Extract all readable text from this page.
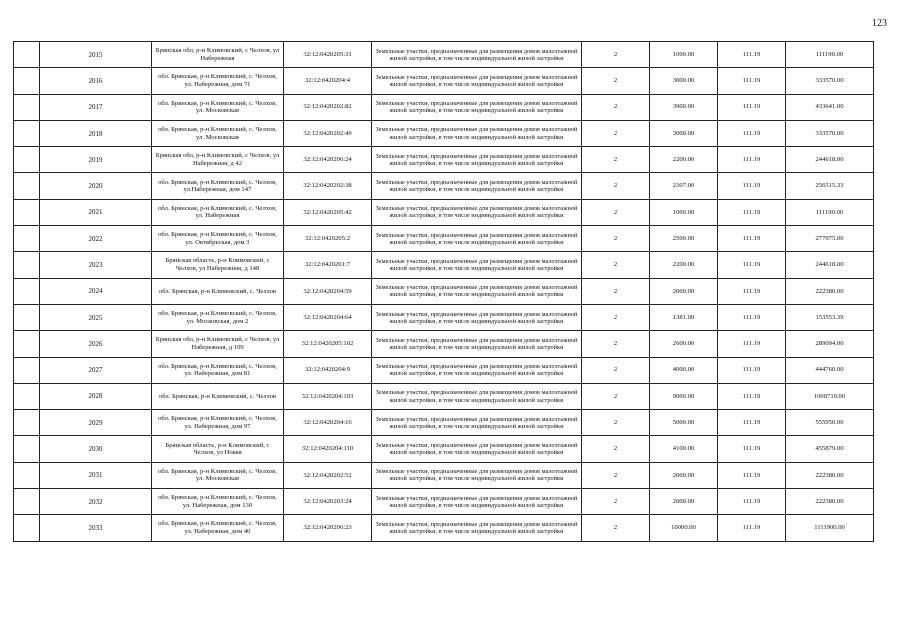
123
	2015	Брянская обл, р-н Климовский, с Челхов, ул Набережная	32:12:0420205:31	Земельные участки, предназначенные для размещения домов малоэтажной жилой застройки, в том числе индивидуальной жилой застройки	2	1000.00	111.19	111190.00
	2016	обл. Брянская, р-н Климовский, с. Челхов, ул. Набережная, дом 71	32:12:0420204:4	Земельные участки, предназначенные для размещения домов малоэтажной жилой застройки, в том числе индивидуальной жилой застройки	2	3000.00	111.19	333570.00
	2017	обл. Брянская, р-н Климовский, с. Челхов, ул. Московская	32:12:0420202:82	Земельные участки, предназначенные для размещения домов малоэтажной жилой застройки, в том числе индивидуальной жилой застройки	2	3900.00	111.19	433641.00
	2018	обл. Брянская, р-н Климовский, с. Челхов, ул. Московская	32:12:0420202:49	Земельные участки, предназначенные для размещения домов малоэтажной жилой застройки, в том числе индивидуальной жилой застройки	2	3000.00	111.19	333570.00
	2019	Брянская обл, р-н Климовский, с Челхов, ул Набережная, д 42	32:12:0420206:24	Земельные участки, предназначенные для размещения домов малоэтажной жилой застройки, в том числе индивидуальной жилой застройки	2	2200.00	111.19	244618.00
	2020	обл. Брянская, р-н Климовский, с. Челхов, ул.Набережная, дом 147	32:12:0420202:38	Земельные участки, предназначенные для размещения домов малоэтажной жилой застройки, в том числе индивидуальной жилой застройки	2	2307.00	111.19	256515.33
	2021	обл. Брянская, р-н Климовский, с. Челхов, ул. Набережная	32:12:0420205:42	Земельные участки, предназначенные для размещения домов малоэтажной жилой застройки, в том числе индивидуальной жилой застройки	2	1000.00	111.19	111190.00
	2022	обл. Брянская, р-н Климовский, с. Челхов, ул. Октябрьская, дом 3	32:12:0420205:2	Земельные участки, предназначенные для размещения домов малоэтажной жилой застройки, в том числе индивидуальной жилой застройки	2	2500.00	111.19	277975.00
	2023	Брянская область, р-н Климовский, с Челхов, ул Набережная, д 148	32:12:0420201:7	Земельные участки, предназначенные для размещения домов малоэтажной жилой застройки, в том числе индивидуальной жилой застройки	2	2200.00	111.19	244618.00
	2024	обл. Брянская, р-н Климовский, с. Челхов	32:12:0420204:59	Земельные участки, предназначенные для размещения домов малоэтажной жилой застройки, в том числе индивидуальной жилой застройки	2	2000.00	111.19	222380.00
	2025	обл. Брянская, р-н Климовский, с. Челхов, ул. Московская, дом 2	32:12:0420204:64	Земельные участки, предназначенные для размещения домов малоэтажной жилой застройки, в том числе индивидуальной жилой застройки	2	1381.00	111.19	153553.39
	2026	Брянская обл, р-н Климовский, с Челхов, ул Набережная, д 109	32:12:0420205:102	Земельные участки, предназначенные для размещения домов малоэтажной жилой застройки, в том числе индивидуальной жилой застройки	2	2600.00	111.19	289094.00
	2027	обл. Брянская, р-н Климовский, с. Челхов, ул. Набережная, дом 81	32:12:0420204:9	Земельные участки, предназначенные для размещения домов малоэтажной жилой застройки, в том числе индивидуальной жилой застройки	2	4000.00	111.19	444760.00
	2028	обл. Брянская, р-н Климовский, с. Челхов	32:12:0420204:103	Земельные участки, предназначенные для размещения домов малоэтажной жилой застройки, в том числе индивидуальной жилой застройки	2	9000.00	111.19	1000710.00
	2029	обл. Брянская, р-н Климовский, с. Челхов, ул. Набережная, дом 97	32:12:0420204:16	Земельные участки, предназначенные для размещения домов малоэтажной жилой застройки, в том числе индивидуальной жилой застройки	2	5000.00	111.19	555950.00
	2030	Брянская область, р-н Климовский, с Челхов, ул Новая	32:12:0420204:110	Земельные участки, предназначенные для размещения домов малоэтажной жилой застройки, в том числе индивидуальной жилой застройки	2	4100.00	111.19	455879.00
	2031	обл. Брянская, р-н Климовский, с. Челхов, ул. Московская	32:12:0420202:52	Земельные участки, предназначенные для размещения домов малоэтажной жилой застройки, в том числе индивидуальной жилой застройки	2	2000.00	111.19	222380.00
	2032	обл. Брянская, р-н Климовский, с. Челхов, ул. Набережная, дом 130	32:12:0420203:24	Земельные участки, предназначенные для размещения домов малоэтажной жилой застройки, в том числе индивидуальной жилой застройки	2	2000.00	111.19	222380.00
	2033	обл. Брянская, р-н Климовский, с. Челхов, ул. Набережная, дом 40	32:12:0420206:23	Земельные участки, предназначенные для размещения домов малоэтажной жилой застройки, в том числе индивидуальной жилой застройки	2	10000.00	111.19	1111900.00
